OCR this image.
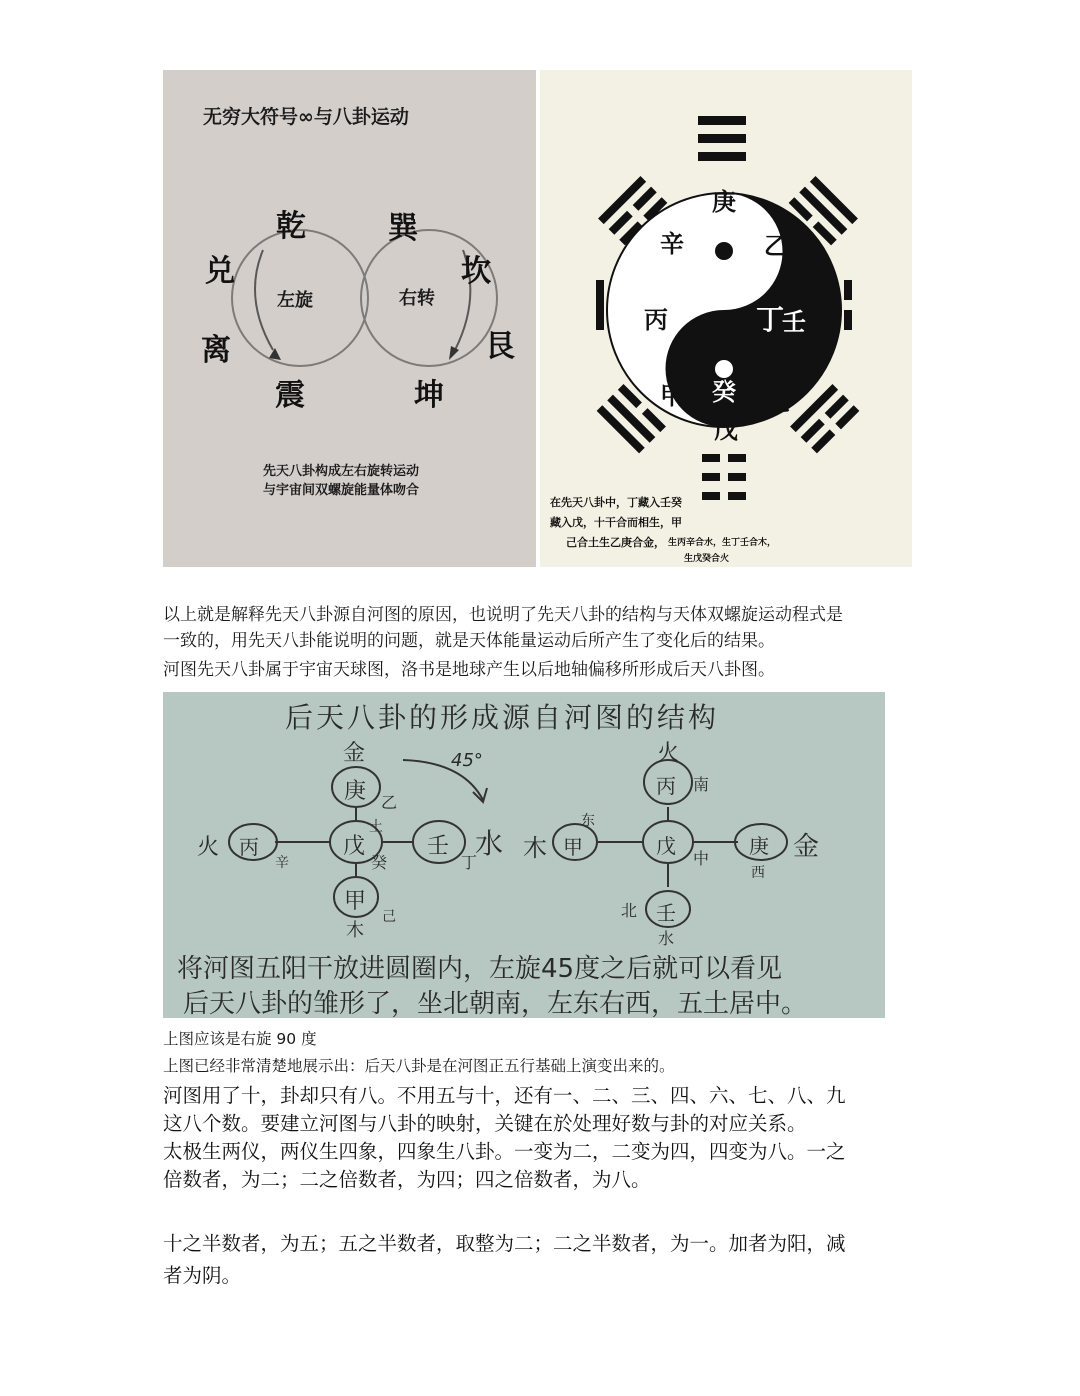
无穷大符号∞与八卦运动
乾	巽
兑	坎
离	艮
震	坤
左旋	右转
先天八卦构成左右旋转运动
与宇宙间双螺旋能量体吻合
庚
辛	乙
丙	丁
壬
甲 癸 己
戊
在先天八卦中，丁藏入壬癸
藏入戊，十干合而相生，甲
己合土生乙庚合金， 生丙辛合水，生丁壬合木，
生戊癸合火
以上就是解释先天八卦源自河图的原因，也说明了先天八卦的结构与天体双螺旋运动程式是
一致的，用先天八卦能说明的问题，就是天体能量运动后所产生了变化后的结果。
河图先天八卦属于宇宙天球图，洛书是地球产生以后地轴偏移所形成后天八卦图。
后天八卦的形成源自河图的结构
金
庚 乙
火 丙
辛
戊
土
癸
壬 水
丁
甲
己
木
45°
木
东
甲
火
丙 南
戊
中
庚 金
西
北 壬
水
将河图五阳干放进圆圈内，左旋45度之后就可以看见
后天八卦的雏形了，坐北朝南，左东右西，五土居中。
上图应该是右旋 90 度
上图已经非常清楚地展示出：后天八卦是在河图正五行基础上演变出来的。
河图用了十，卦却只有八。不用五与十，还有一、二、三、四、六、七、八、九
这八个数。要建立河图与八卦的映射，关键在於处理好数与卦的对应关系。
太极生两仪，两仪生四象，四象生八卦。一变为二，二变为四，四变为八。一之
倍数者，为二；二之倍数者，为四；四之倍数者，为八。
十之半数者，为五；五之半数者，取整为二；二之半数者，为一。加者为阳，减
者为阴。
